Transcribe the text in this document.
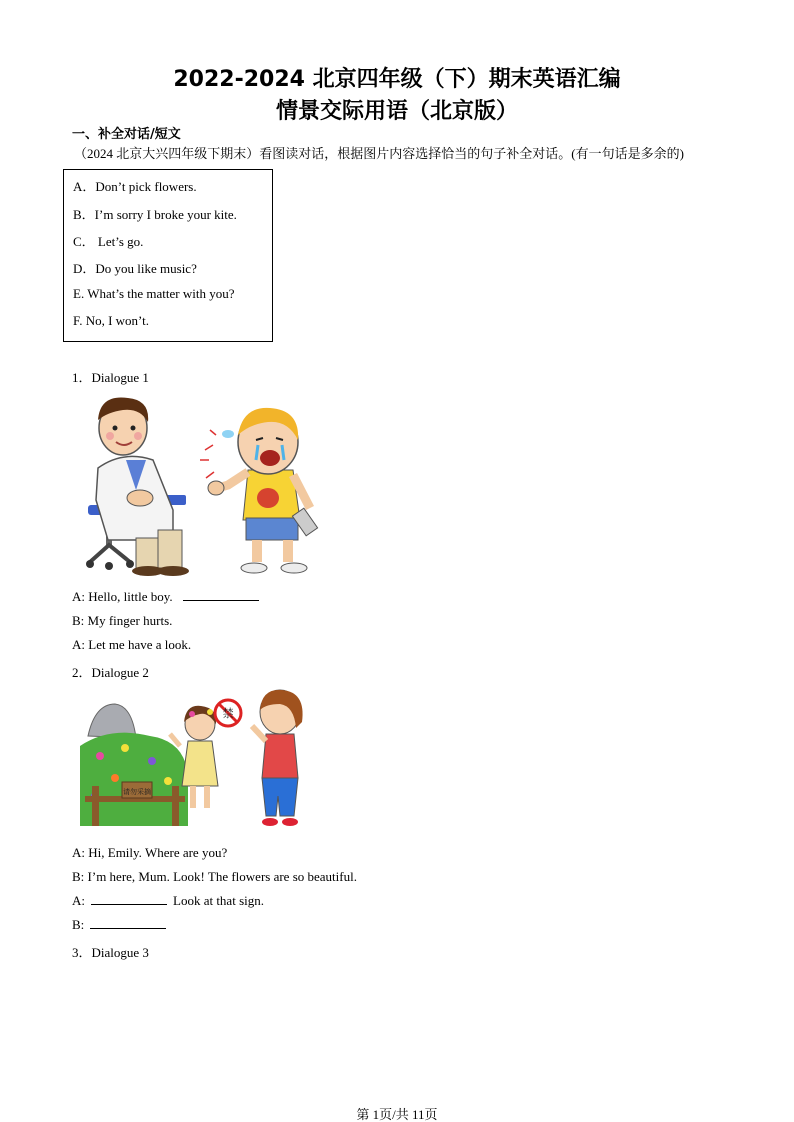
2022-2024 北京四年级（下）期末英语汇编
情景交际用语（北京版）
一、补全对话/短文
（2024 北京大兴四年级下期末）看图读对话，根据图片内容选择恰当的句子补全对话。(有一句话是多余的)
A．Don’t pick flowers.
B．I’m sorry I broke your kite.
C． Let’s go.
D．Do you like music?
E. What’s the matter with you?
F. No, I won’t.
1．Dialogue 1
A: Hello, little boy.
B: My finger hurts.
A: Let me have a look.
2．Dialogue 2
请勿采摘
禁
A: Hi, Emily. Where are you?
B: I’m here, Mum. Look! The flowers are so beautiful.
A:	Look at that sign.
B:
3．Dialogue 3
第 1页/共 11页
